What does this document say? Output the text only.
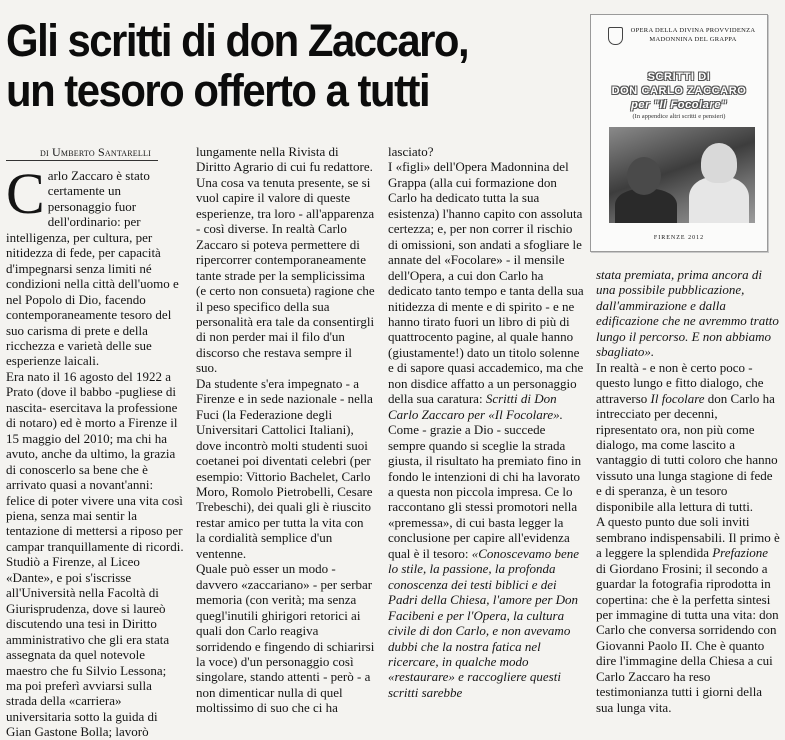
Gli scritti di don Zaccaro,
un tesoro offerto a tutti
di Umberto Santarelli

Carlo Zaccaro è stato certamente un personaggio fuor dell'ordinario: per intelligenza, per cultura, per nitidezza di fede, per capacità d'impegnarsi senza limiti né condizioni nella città dell'uomo e nel Popolo di Dio, facendo contemporaneamente tesoro del suo carisma di prete e della ricchezza e varietà delle sue esperienze laicali.

Era nato il 16 agosto del 1922 a Prato (dove il babbo -pugliese di nascita- esercitava la professione di notaro) ed è morto a Firenze il 15 maggio del 2010; ma chi ha avuto, anche da ultimo, la grazia di conoscerlo sa bene che è arrivato quasi a novant'anni: felice di poter vivere una vita così piena, senza mai sentir la tentazione di mettersi a riposo per campar tranquillamente di ricordi.

Studiò a Firenze, al Liceo «Dante», e poi s'iscrisse all'Università nella Facoltà di Giurisprudenza, dove si laureò discutendo una tesi in Diritto amministrativo che gli era stata assegnata da quel notevole maestro che fu Silvio Lessona; ma poi preferì avviarsi sulla strada della «carriera» universitaria sotto la guida di Gian Gastone Bolla; lavorò

lungamente nella Rivista di Diritto Agrario di cui fu redattore. Una cosa va tenuta presente, se si vuol capire il valore di queste esperienze, tra loro - all'apparenza - così diverse. In realtà Carlo Zaccaro si poteva permettere di ripercorrer contemporaneamente tante strade per la semplicissima (e certo non consueta) ragione che il peso specifico della sua personalità era tale da consentirgli di non perder mai il filo d'un discorso che restava sempre il suo.

Da studente s'era impegnato - a Firenze e in sede nazionale - nella Fuci (la Federazione degli Universitari Cattolici Italiani), dove incontrò molti studenti suoi coetanei poi diventati celebri (per esempio: Vittorio Bachelet, Carlo Moro, Romolo Pietrobelli, Cesare Trebeschi), dei quali gli è riuscito restar amico per tutta la vita con la cordialità semplice d'un ventenne.

Quale può esser un modo - davvero «zaccariano» - per serbar memoria (con verità; ma senza quegl'inutili ghirigori retorici ai quali don Carlo reagiva sorridendo e fingendo di schiarirsi la voce) d'un personaggio così singolare, stando attenti - però - a non dimenticar nulla di quel moltissimo di suo che ci ha

lasciato?

I «figli» dell'Opera Madonnina del Grappa (alla cui formazione don Carlo ha dedicato tutta la sua esistenza) l'hanno capito con assoluta certezza; e, per non correr il rischio di omissioni, son andati a sfogliare le annate del «Focolare» - il mensile dell'Opera, a cui don Carlo ha dedicato tanto tempo e tanta della sua nitidezza di mente e di spirito - e ne hanno tirato fuori un libro di più di quattrocento pagine, al quale hanno (giustamente!) dato un titolo solenne e di sapore quasi accademico, ma che non disdice affatto a un personaggio della sua caratura: Scritti di Don Carlo Zaccaro per «Il Focolare».

Come - grazie a Dio - succede sempre quando si sceglie la strada giusta, il risultato ha premiato fino in fondo le intenzioni di chi ha lavorato a questa non piccola impresa. Ce lo raccontano gli stessi promotori nella «premessa», di cui basta legger la conclusione per capire all'evidenza qual è il tesoro: «Conoscevamo bene lo stile, la passione, la profonda conoscenza dei testi biblici e dei Padri della Chiesa, l'amore per Don Facibeni e per l'Opera, la cultura civile di don Carlo, e non avevamo dubbi che la nostra fatica nel ricercare, in qualche modo «restaurare» e raccogliere questi scritti sarebbe

OPERA DELLA DIVINA PROVVIDENZA
MADONNINA DEL GRAPPA
SCRITTI DI
DON CARLO ZACCARO
per "Il Focolare"
(In appendice altri scritti e pensieri)
FIRENZE 2012

stata premiata, prima ancora di una possibile pubblicazione, dall'ammirazione e dalla edificazione che ne avremmo tratto lungo il percorso. E non abbiamo sbagliato».

In realtà - e non è certo poco - questo lungo e fitto dialogo, che attraverso Il focolare don Carlo ha intrecciato per decenni, ripresentato ora, non più come dialogo, ma come lascito a vantaggio di tutti coloro che hanno vissuto una lunga stagione di fede e di speranza, è un tesoro disponibile alla lettura di tutti.

A questo punto due soli inviti sembrano indispensabili. Il primo è a leggere la splendida Prefazione di Giordano Frosini; il secondo a guardar la fotografia riprodotta in copertina: che è la perfetta sintesi per immagine di tutta una vita: don Carlo che conversa sorridendo con Giovanni Paolo II. Che è quanto dire l'immagine della Chiesa a cui Carlo Zaccaro ha reso testimonianza tutti i giorni della sua lunga vita.
